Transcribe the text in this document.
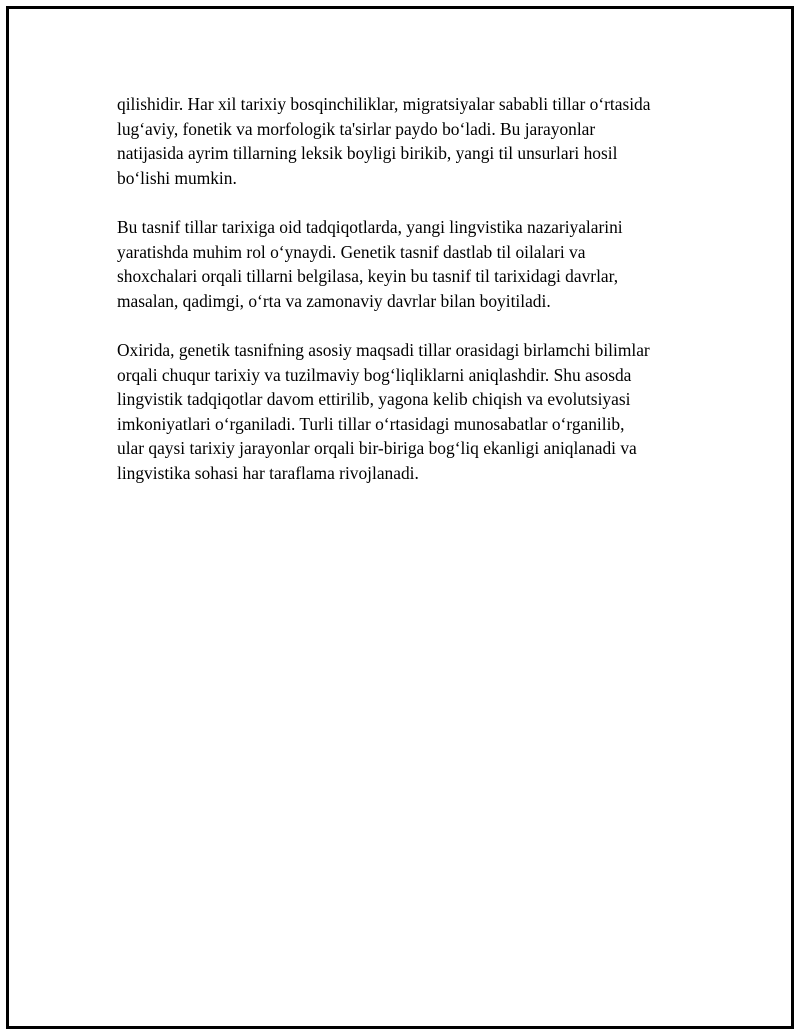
qilishidir. Har xil tarixiy bosqinchiliklar, migratsiyalar sababli tillar o‘rtasida
lug‘aviy, fonetik va morfologik ta'sirlar paydo bo‘ladi. Bu jarayonlar
natijasida ayrim tillarning leksik boyligi birikib, yangi til unsurlari hosil
bo‘lishi mumkin.

Bu tasnif tillar tarixiga oid tadqiqotlarda, yangi lingvistika nazariyalarini
yaratishda muhim rol o‘ynaydi. Genetik tasnif dastlab til oilalari va
shoxchalari orqali tillarni belgilasa, keyin bu tasnif til tarixidagi davrlar,
masalan, qadimgi, o‘rta va zamonaviy davrlar bilan boyitiladi.

Oxirida, genetik tasnifning asosiy maqsadi tillar orasidagi birlamchi bilimlar
orqali chuqur tarixiy va tuzilmaviy bog‘liqliklarni aniqlashdir. Shu asosda
lingvistik tadqiqotlar davom ettirilib, yagona kelib chiqish va evolutsiyasi
imkoniyatlari o‘rganiladi. Turli tillar o‘rtasidagi munosabatlar o‘rganilib,
ular qaysi tarixiy jarayonlar orqali bir-biriga bog‘liq ekanligi aniqlanadi va
lingvistika sohasi har taraflama rivojlanadi.
